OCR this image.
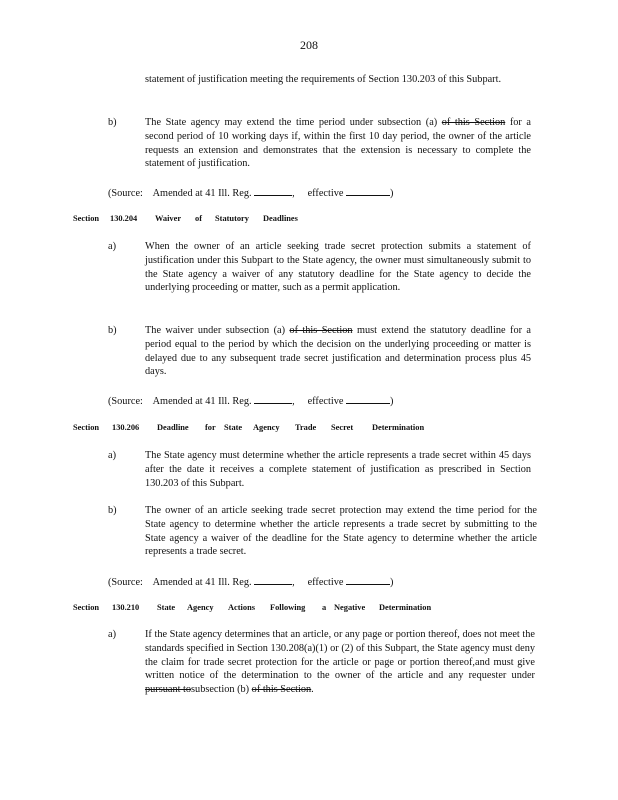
208
statement of justification meeting the requirements of Section 130.203 of this Subpart.
b)	The State agency may extend the time period under subsection (a) of this Section for a second period of 10 working days if, within the first 10 day period, the owner of the article requests an extension and demonstrates that the extension is necessary to complete the statement of justification.
(Source: Amended at 41 Ill. Reg.	, effective	)
Section	130.204	Waiver	of	Statutory	Deadlines
a)	When the owner of an article seeking trade secret protection submits a statement of justification under this Subpart to the State agency, the owner must simultaneously submit to the State agency a waiver of any statutory deadline for the State agency to decide the underlying proceeding or matter, such as a permit application.
b)	The waiver under subsection (a) of this Section must extend the statutory deadline for a period equal to the period by which the decision on the underlying proceeding or matter is delayed due to any subsequent trade secret justification and determination process plus 45 days.
(Source: Amended at 41 Ill. Reg.	, effective	)
Section	130.206	Deadline	for State	Agency	Trade	Secret	Determination
a)	The State agency must determine whether the article represents a trade secret within 45 days after the date it receives a complete statement of justification as prescribed in Section 130.203 of this Subpart.
b)	The owner of an article seeking trade secret protection may extend the time period for the State agency to determine whether the article represents a trade secret by submitting to the State agency a waiver of the deadline for the State agency to determine whether the article represents a trade secret.
(Source: Amended at 41 Ill. Reg.	, effective	)
Section	130.210	State	Agency	Actions	Following	a Negative	Determination
a)	If the State agency determines that an article, or any page or portion thereof, does not meet the standards specified in Section 130.208(a)(1) or (2) of this Subpart, the State agency must deny the claim for trade secret protection for the article or page or portion thereof,and must give written notice of the determination to the owner of the article and any requester under pursuant tosubsection (b) of this Section.
